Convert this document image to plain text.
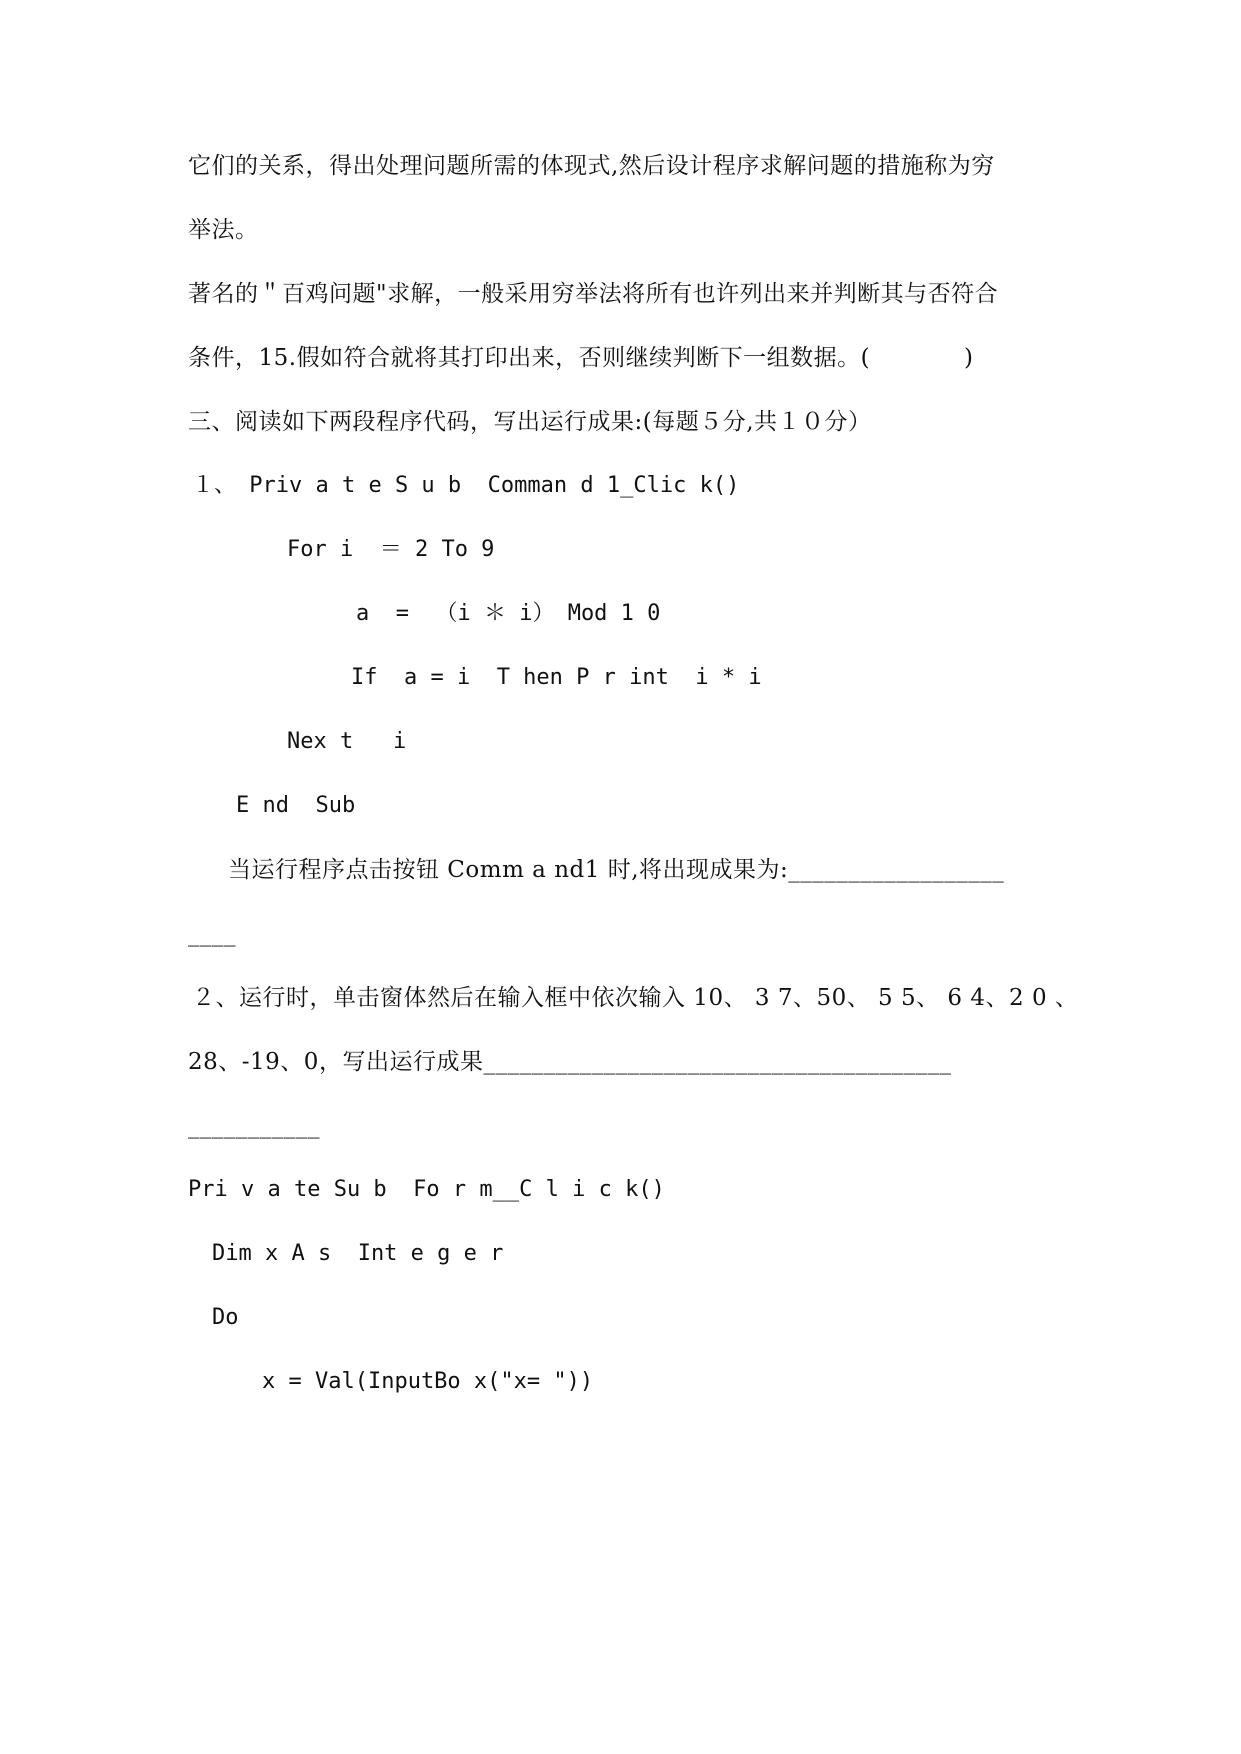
它们的关系，得出处理问题所需的体现式,然后设计程序求解问题的措施称为穷
举法。
著名的＂百鸡问题"求解，一般采用穷举法将所有也许列出来并判断其与否符合
条件，15.假如符合就将其打印出来，否则继续判断下一组数据。(　　　　)
三、阅读如下两段程序代码，写出运行成果:(每题５分,共１０分）
１、 Priv a t e S u b  Comman d 1_Clic k()
For i  ＝ 2 To 9
a  =  （i ＊ i） Mod 1 0
If  a = i  T hen P r int  i * i
Nex t   i
E nd  Sub
当运行程序点击按钮 Comm a nd1 时,将出现成果为:__________________
____
２、运行时，单击窗体然后在输入框中依次输入 10、 3 7、50、 5 5、 6 4、2 0 、
28、-19、0，写出运行成果_______________________________________
___________
Pri v a te Su b  Fo r m__C l i c k()
Dim x A s  Int e g e r
Do
x = Val(InputBo x("x= "))
